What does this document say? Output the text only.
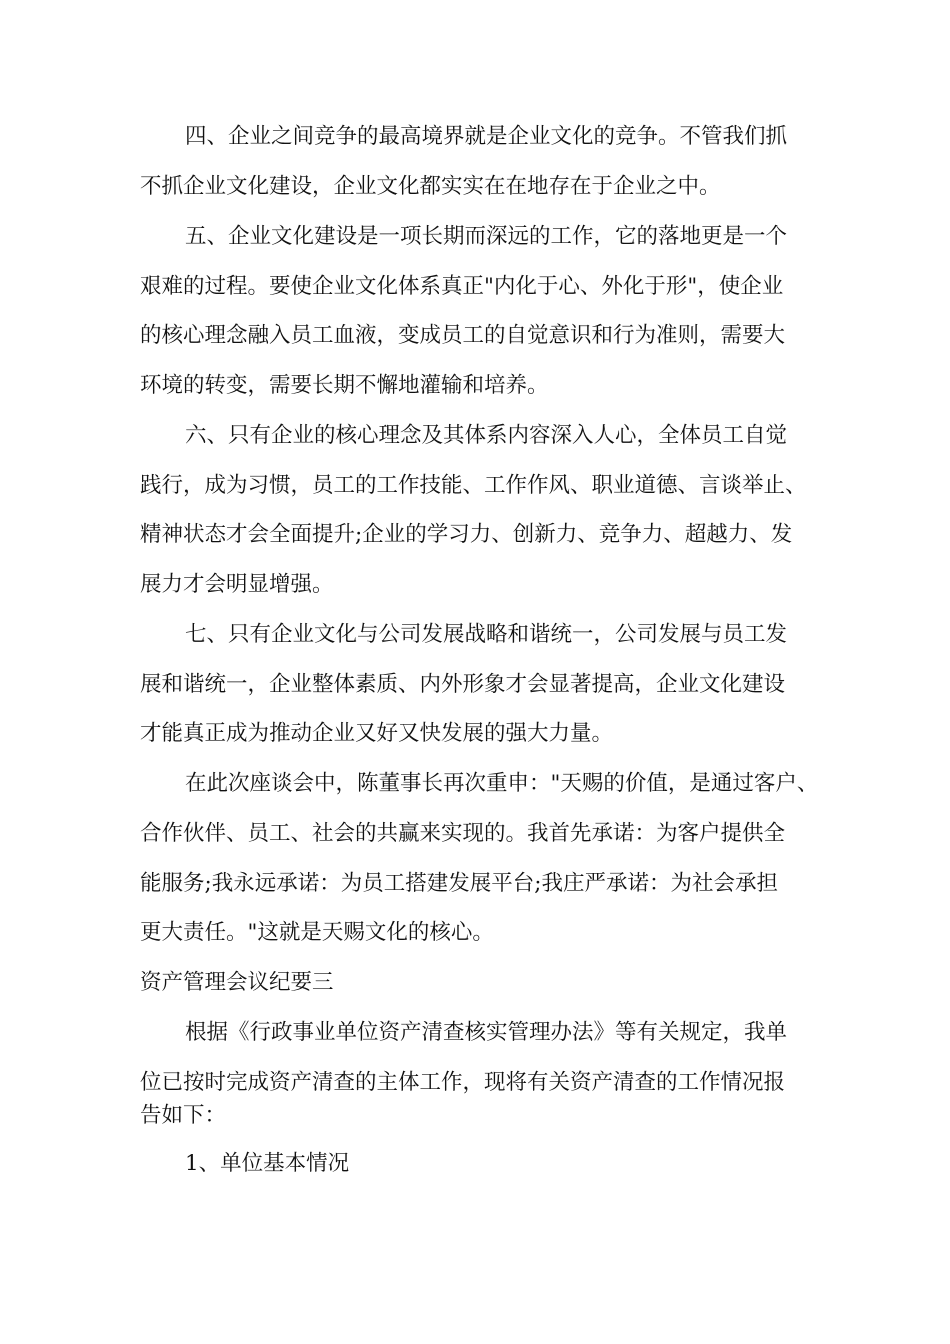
四、企业之间竞争的最高境界就是企业文化的竞争。不管我们抓
不抓企业文化建设，企业文化都实实在在地存在于企业之中。
五、企业文化建设是一项长期而深远的工作，它的落地更是一个
艰难的过程。要使企业文化体系真正"内化于心、外化于形"，使企业
的核心理念融入员工血液，变成员工的自觉意识和行为准则，需要大
环境的转变，需要长期不懈地灌输和培养。
六、只有企业的核心理念及其体系内容深入人心，全体员工自觉
践行，成为习惯，员工的工作技能、工作作风、职业道德、言谈举止、
精神状态才会全面提升;企业的学习力、创新力、竞争力、超越力、发
展力才会明显增强。
七、只有企业文化与公司发展战略和谐统一，公司发展与员工发
展和谐统一，企业整体素质、内外形象才会显著提高，企业文化建设
才能真正成为推动企业又好又快发展的强大力量。
在此次座谈会中，陈董事长再次重申："天赐的价值，是通过客户、
合作伙伴、员工、社会的共赢来实现的。我首先承诺：为客户提供全
能服务;我永远承诺：为员工搭建发展平台;我庄严承诺：为社会承担
更大责任。"这就是天赐文化的核心。
资产管理会议纪要三
根据《行政事业单位资产清查核实管理办法》等有关规定，我单
位已按时完成资产清查的主体工作，现将有关资产清查的工作情况报
告如下：
1、单位基本情况
